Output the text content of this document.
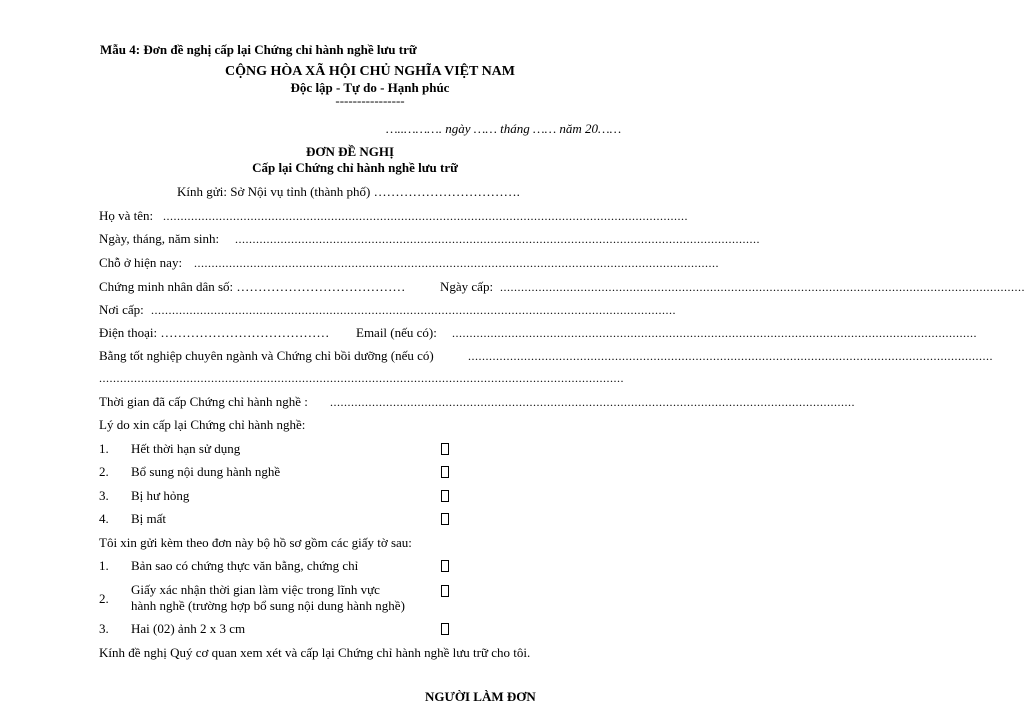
Mẫu 4: Đơn đề nghị cấp lại Chứng chỉ hành nghề lưu trữ
CỘNG HÒA XÃ HỘI CHỦ NGHĨA VIỆT NAM
Độc lập - Tự do - Hạnh phúc
----------------
…..………. ngày …… tháng …… năm 20……
ĐƠN ĐỀ NGHỊ
Cấp lại Chứng chỉ hành nghề lưu trữ
Kính gửi: Sở Nội vụ tỉnh (thành phố) …………………………….
Họ và tên: ......................................................................................................................................................
Ngày, tháng, năm sinh: ......................................................................................................................................................
Chỗ ở hiện nay: ......................................................................................................................................................
Chứng minh nhân dân số: …………………………………	Ngày cấp: ......................................................................................................................................................
Nơi cấp: ......................................................................................................................................................
Điện thoại: ………………………………… Email (nếu có): ......................................................................................................................................................
Bằng tốt nghiệp chuyên ngành và Chứng chỉ bồi dưỡng (nếu có)	......................................................................................................................................................
......................................................................................................................................................
Thời gian đã cấp Chứng chỉ hành nghề : ......................................................................................................................................................
Lý do xin cấp lại Chứng chỉ hành nghề:
1. Hết thời hạn sử dụng
2. Bổ sung nội dung hành nghề
3. Bị hư hỏng
4. Bị mất
Tôi xin gửi kèm theo đơn này bộ hồ sơ gồm các giấy tờ sau:
1. Bản sao có chứng thực văn bằng, chứng chỉ
2.
Giấy xác nhận thời gian làm việc trong lĩnh vực
hành nghề (trường hợp bổ sung nội dung hành nghề)
3. Hai (02) ảnh 2 x 3 cm
Kính đề nghị Quý cơ quan xem xét và cấp lại Chứng chỉ hành nghề lưu trữ cho tôi.
NGƯỜI LÀM ĐƠN
